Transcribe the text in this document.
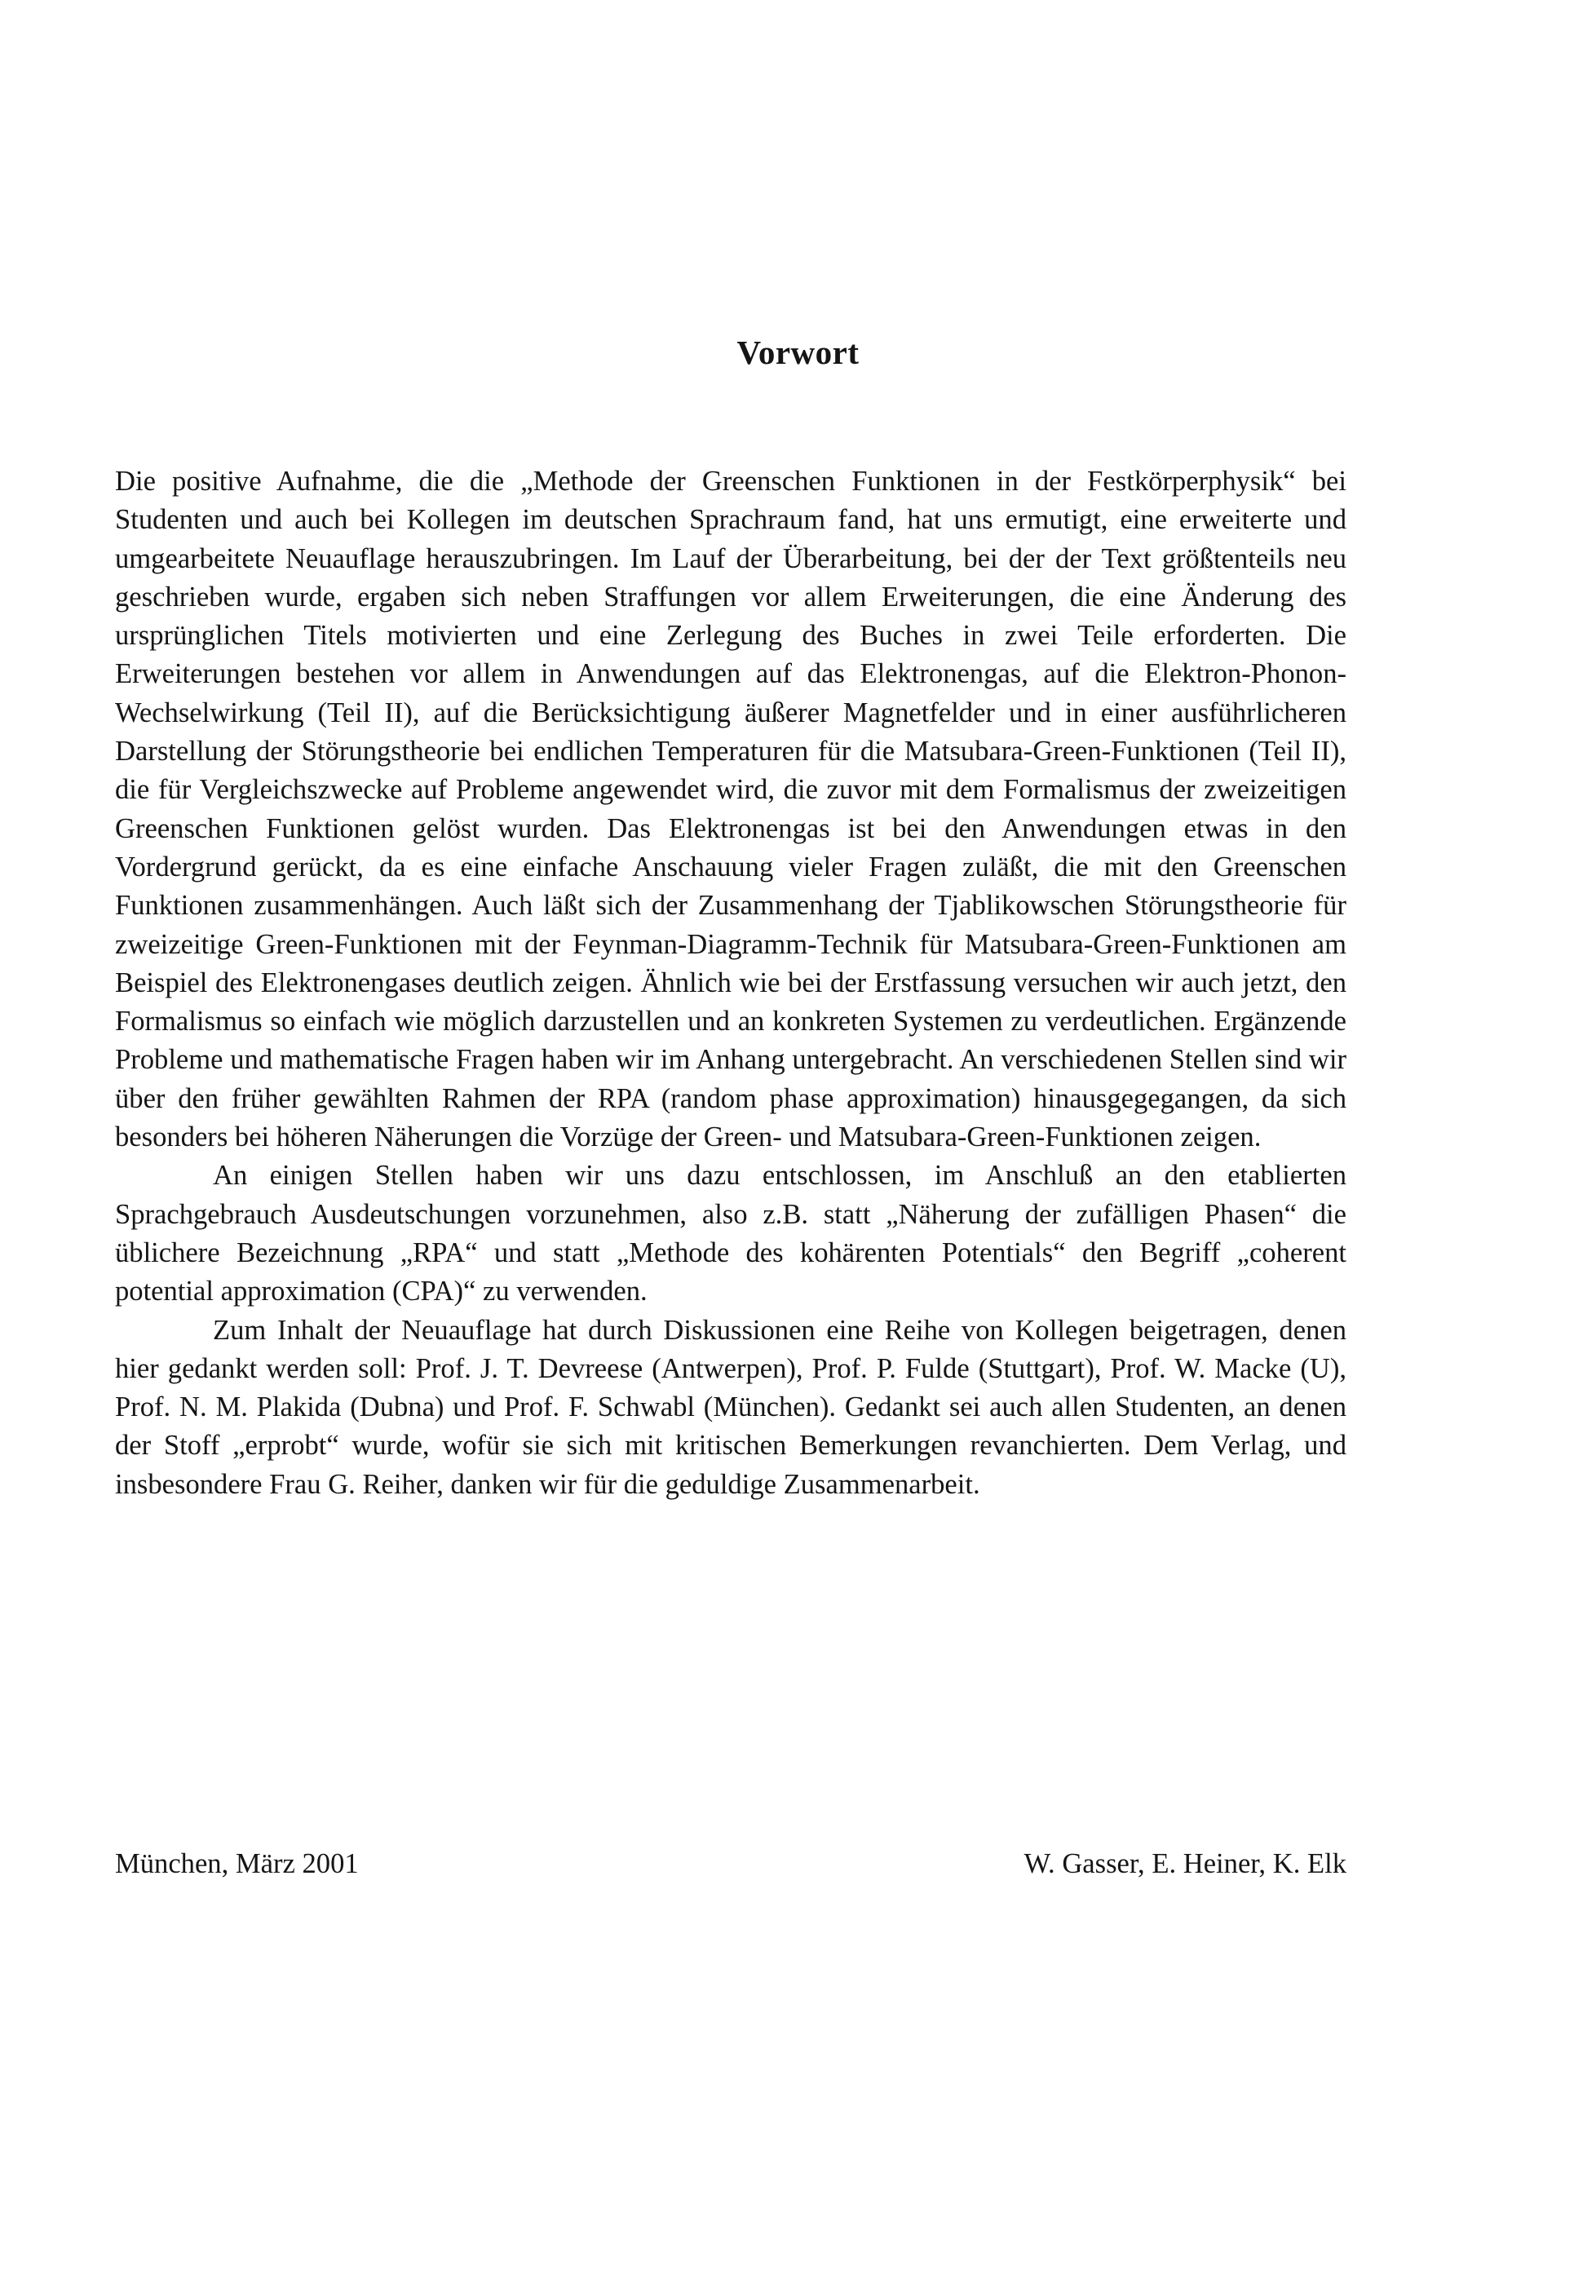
Vorwort

Die positive Aufnahme, die die „Methode der Greenschen Funktionen in der Festkörperphysik“ bei Studenten und auch bei Kollegen im deutschen Sprachraum fand, hat uns ermutigt, eine erweiterte und umgearbeitete Neuauflage herauszubringen. Im Lauf der Überarbeitung, bei der der Text größtenteils neu geschrieben wurde, ergaben sich neben Straffungen vor allem Erweiterungen, die eine Änderung des ursprünglichen Titels motivierten und eine Zerlegung des Buches in zwei Teile erforderten. Die Erweiterungen bestehen vor allem in Anwendungen auf das Elektronengas, auf die Elektron-Phonon-Wechselwirkung (Teil II), auf die Berücksichtigung äußerer Magnetfelder und in einer ausführlicheren Darstellung der Störungstheorie bei endlichen Temperaturen für die Matsubara-Green-Funktionen (Teil II), die für Vergleichszwecke auf Probleme angewendet wird, die zuvor mit dem Formalismus der zweizeitigen Greenschen Funktionen gelöst wurden. Das Elektronengas ist bei den Anwendungen etwas in den Vordergrund gerückt, da es eine einfache Anschauung vieler Fragen zuläßt, die mit den Greenschen Funktionen zusammenhängen. Auch läßt sich der Zusammenhang der Tjablikowschen Störungstheorie für zweizeitige Green-Funktionen mit der Feynman-Diagramm-Technik für Matsubara-Green-Funktionen am Beispiel des Elektronengases deutlich zeigen. Ähnlich wie bei der Erstfassung versuchen wir auch jetzt, den Formalismus so einfach wie möglich darzustellen und an konkreten Systemen zu verdeutlichen. Ergänzende Probleme und mathematische Fragen haben wir im Anhang untergebracht. An verschiedenen Stellen sind wir über den früher gewählten Rahmen der RPA (random phase approximation) hinausgegegangen, da sich besonders bei höheren Näherungen die Vorzüge der Green- und Matsubara-Green-Funktionen zeigen.

An einigen Stellen haben wir uns dazu entschlossen, im Anschluß an den etablierten Sprachgebrauch Ausdeutschungen vorzunehmen, also z.B. statt „Näherung der zufälligen Phasen“ die üblichere Bezeichnung „RPA“ und statt „Methode des kohärenten Potentials“ den Begriff „coherent potential approximation (CPA)“ zu verwenden.

Zum Inhalt der Neuauflage hat durch Diskussionen eine Reihe von Kollegen beigetragen, denen hier gedankt werden soll: Prof. J. T. Devreese (Antwerpen), Prof. P. Fulde (Stuttgart), Prof. W. Macke (U), Prof. N. M. Plakida (Dubna) und Prof. F. Schwabl (München). Gedankt sei auch allen Studenten, an denen der Stoff „erprobt“ wurde, wofür sie sich mit kritischen Bemerkungen revanchierten. Dem Verlag, und insbesondere Frau G. Reiher, danken wir für die geduldige Zusammenarbeit.

München, März 2001	W. Gasser, E. Heiner, K. Elk
